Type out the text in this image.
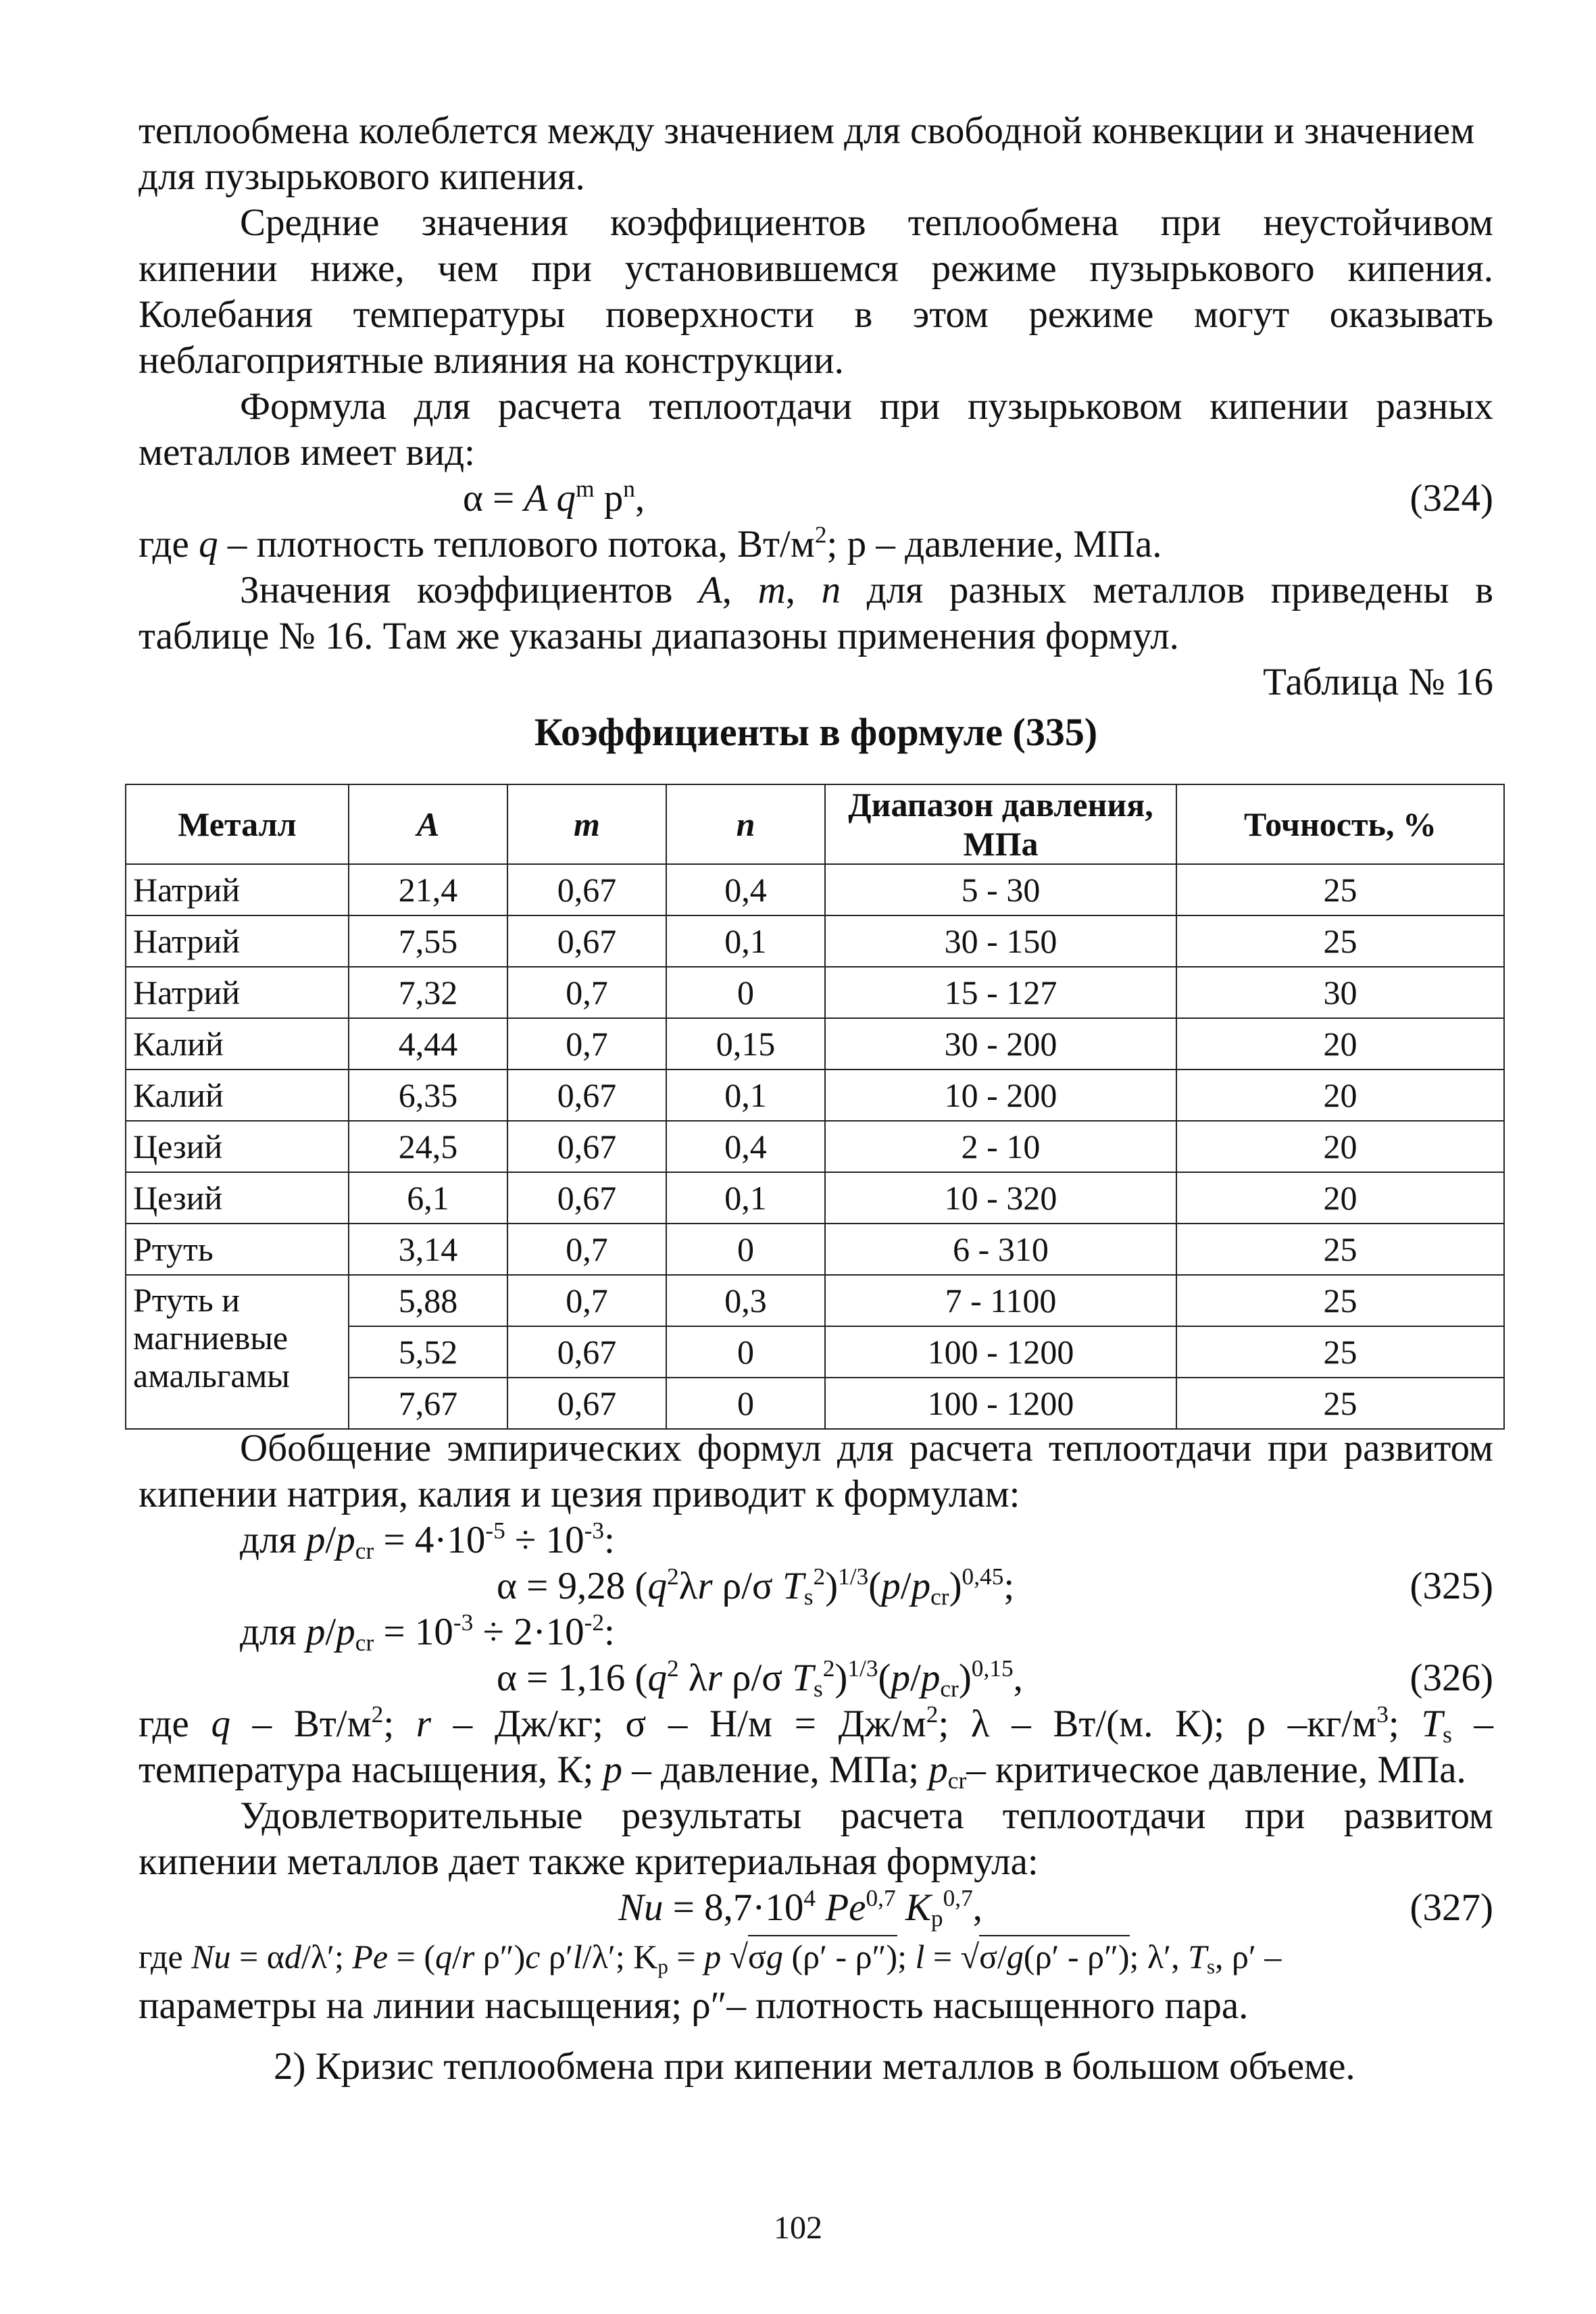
теплообмена колеблется между значением для свободной конвекции и значением
для пузырькового кипения.
Средние значения коэффициентов теплообмена при неустойчивом
кипении ниже, чем при установившемся режиме пузырькового кипения.
Колебания температуры поверхности в этом режиме могут оказывать
неблагоприятные влияния на конструкции.
Формула для расчета теплоотдачи при пузырьковом кипении разных
металлов имеет вид:
α = A $q^m$ $p^n$,	(324)
где q – плотность теплового потока, $Вт/м^2$; р – давление, МПа.
Значения коэффициентов A, m, n для разных металлов приведены в
таблице № 16. Там же указаны диапазоны применения формул.
Таблица № 16
Коэффициенты в формуле (335)
Металл	A	m	n	Диапазон давления, МПа	Точность, %
Натрий	21,4	0,67	0,4	5 - 30	25
Натрий	7,55	0,67	0,1	30 - 150	25
Натрий	7,32	0,7	0	15 - 127	30
Калий	4,44	0,7	0,15	30 - 200	20
Калий	6,35	0,67	0,1	10 - 200	20
Цезий	24,5	0,67	0,4	2 - 10	20
Цезий	6,1	0,67	0,1	10 - 320	20
Ртуть	3,14	0,7	0	6 - 310	25
Ртуть и магниевые амальгамы	5,88	0,7	0,3	7 - 1100	25
	5,52	0,67	0	100 - 1200	25
	7,67	0,67	0	100 - 1200	25
Обобщение эмпирических формул для расчета теплоотдачи при развитом
кипении натрия, калия и цезия приводит к формулам:
для $p/p_{cr} = 4\cdot 10^{-5} \div 10^{-3}$:
α = 9,28 ($q^2\lambda r$ ρ/σ $T_s^2)^{1/3}(p/p_{cr})^{0,45}$;	(325)
для $p/p_{cr} = 10^{-3} \div 2\cdot 10^{-2}$:
α = 1,16 ($q^2$ λr ρ/σ $T_s^2)^{1/3}(p/p_{cr})^{0,15}$,	(326)
где q – $Вт/м^2$; r – Дж/кг; $\sigma - Н/м = Дж/м^2$; λ – Вт/(м. К); ρ $-кг/м^3$; $T_s$ –
температура насыщения, К; p – давление, МПа; $p_{cr}-$ критическое давление, МПа.
Удовлетворительные результаты расчета теплоотдачи при развитом
кипении металлов дает также критериальная формула:
$Nu = 8,7\cdot 10^4$ Pe$^{0,7}$ $K_p^{0,7}$,	(327)
где Nu = αd/λ′; Pe = (q/r ρ″)c ρ′l/λ′; $K_p = p$ √σg (ρ′ - ρ″); l = √σ/g(ρ′ - ρ″); λ′, $T_s$, ρ′ –
параметры на линии насыщения; ρ″– плотность насыщенного пара.
2) Кризис теплообмена при кипении металлов в большом объеме.
102
